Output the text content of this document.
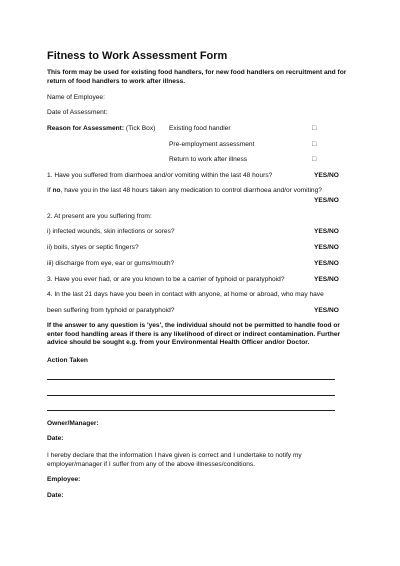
Fitness to Work Assessment Form
This form may be used for existing food handlers, for new food handlers on recruitment and for return of food handlers to work after illness.
Name of Employee:
Date of Assessment:
Reason for Assessment: (Tick Box) Existing food handler	□
Pre-employment assessment	□
Return to work after illness	□
1. Have you suffered from diarrhoea and/or vomiting within the last 48 hours?	YES/NO
If no, have you in the last 48 hours taken any medication to control diarrhoea and/or vomiting?
YES/NO
2. At present are you suffering from:
i) infected wounds, skin infections or sores?	YES/NO
ii) boils, styes or septic fingers?	YES/NO
iii) discharge from eye, ear or gums/mouth?	YES/NO
3. Have you ever had, or are you known to be a carrier of typhoid or paratyphoid?	YES/NO
4. In the last 21 days have you been in contact with anyone, at home or abroad, who may have
been suffering from typhoid or paratyphoid?	YES/NO
If the answer to any question is 'yes', the individual should not be permitted to handle food or enter food handling areas if there is any likelihood of direct or indirect contamination. Further advice should be sought e.g. from your Environmental Health Officer and/or Doctor.
Action Taken
Owner/Manager:
Date:
I hereby declare that the information I have given is correct and I undertake to notify my employer/manager if I suffer from any of the above illnesses/conditions.
Employee:
Date:
